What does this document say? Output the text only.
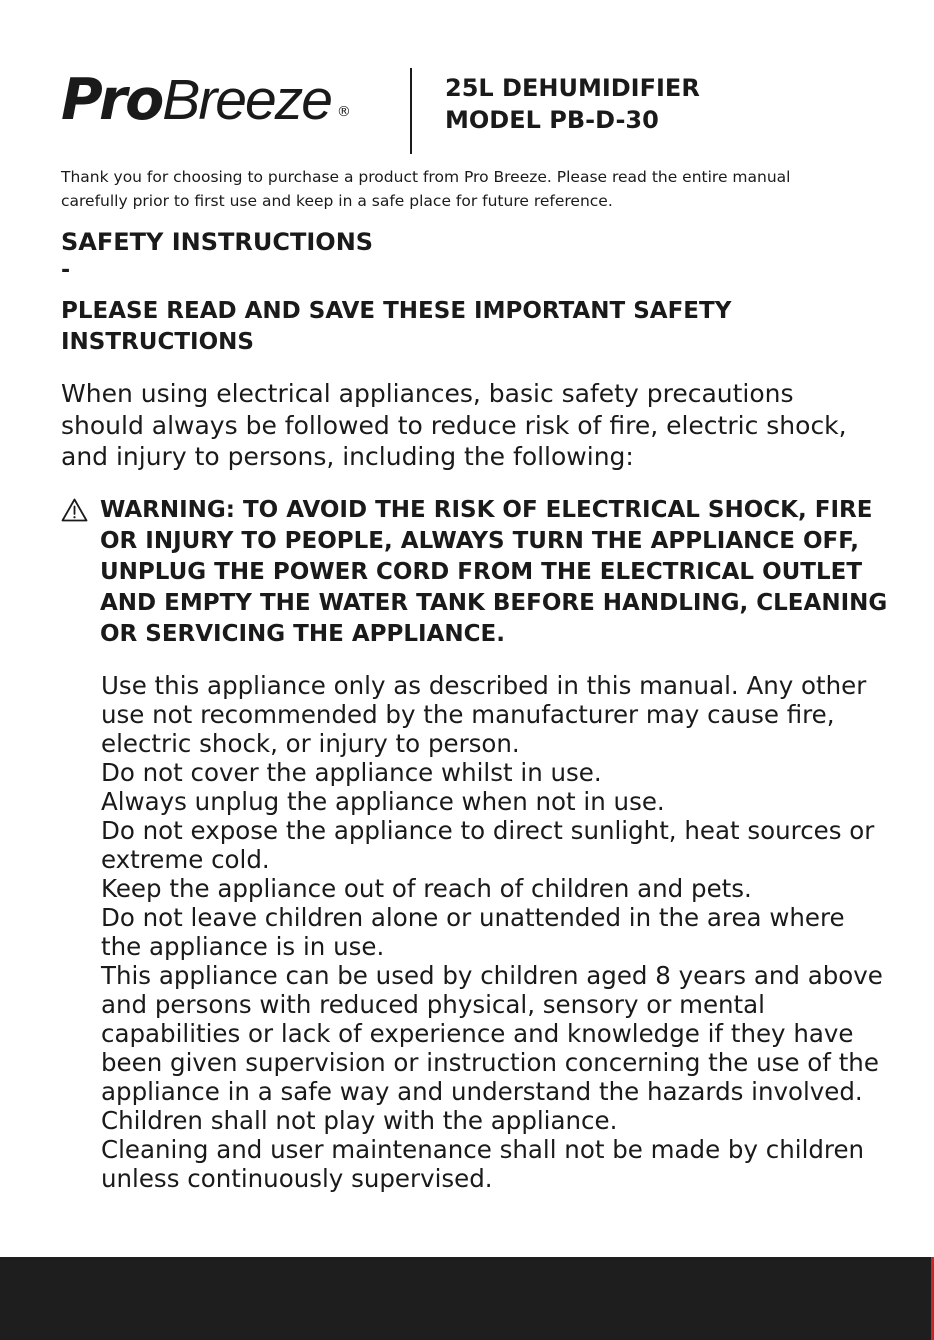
ProBreeze ®
25L DEHUMIDIFIER
MODEL PB-D-30

Thank you for choosing to purchase a product from Pro Breeze. Please read the entire manual carefully prior to first use and keep in a safe place for future reference.

SAFETY INSTRUCTIONS
-
PLEASE READ AND SAVE THESE IMPORTANT SAFETY INSTRUCTIONS

When using electrical appliances, basic safety precautions should always be followed to reduce risk of fire, electric shock, and injury to persons, including the following:

WARNING: TO AVOID THE RISK OF ELECTRICAL SHOCK, FIRE OR INJURY TO PEOPLE, ALWAYS TURN THE APPLIANCE OFF, UNPLUG THE POWER CORD FROM THE ELECTRICAL OUTLET AND EMPTY THE WATER TANK BEFORE HANDLING, CLEANING OR SERVICING THE APPLIANCE.

Use this appliance only as described in this manual. Any other use not recommended by the manufacturer may cause fire, electric shock, or injury to person.
Do not cover the appliance whilst in use.
Always unplug the appliance when not in use.
Do not expose the appliance to direct sunlight, heat sources or extreme cold.
Keep the appliance out of reach of children and pets.
Do not leave children alone or unattended in the area where the appliance is in use.
This appliance can be used by children aged 8 years and above and persons with reduced physical, sensory or mental capabilities or lack of experience and knowledge if they have been given supervision or instruction concerning the use of the appliance in a safe way and understand the hazards involved.
Children shall not play with the appliance.
Cleaning and user maintenance shall not be made by children unless continuously supervised.
